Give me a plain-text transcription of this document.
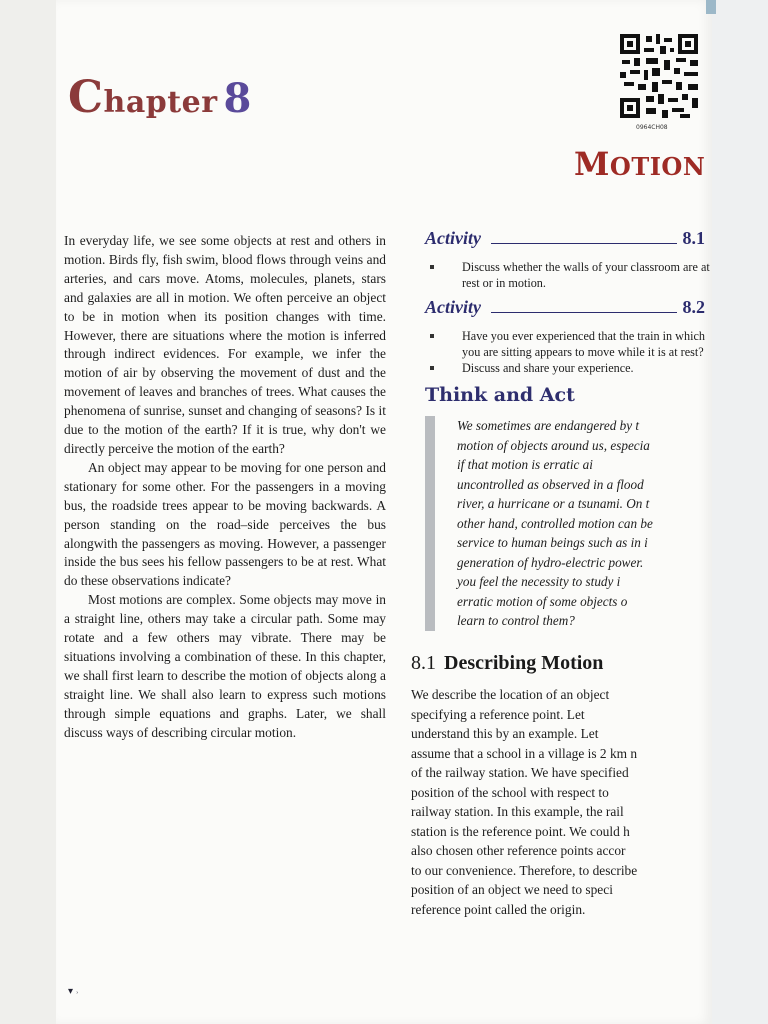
Chapter 8
0964CH08
MOTION

In everyday life, we see some objects at rest and others in motion. Birds fly, fish swim, blood flows through veins and arteries, and cars move. Atoms, molecules, planets, stars and galaxies are all in motion. We often perceive an object to be in motion when its position changes with time. However, there are situations where the motion is inferred through indirect evidences. For example, we infer the motion of air by observing the movement of dust and the movement of leaves and branches of trees. What causes the phenomena of sunrise, sunset and changing of seasons? Is it due to the motion of the earth? If it is true, why don't we directly perceive the motion of the earth?

An object may appear to be moving for one person and stationary for some other. For the passengers in a moving bus, the roadside trees appear to be moving backwards. A person standing on the road–side perceives the bus alongwith the passengers as moving. However, a passenger inside the bus sees his fellow passengers to be at rest. What do these observations indicate?

Most motions are complex. Some objects may move in a straight line, others may take a circular path. Some may rotate and a few others may vibrate. There may be situations involving a combination of these. In this chapter, we shall first learn to describe the motion of objects along a straight line. We shall also learn to express such motions through simple equations and graphs. Later, we shall discuss ways of describing circular motion.

Activity	8.1
Discuss whether the walls of your classroom are at rest or in motion.
Activity	8.2
Have you ever experienced that the train in which you are sitting appears to move while it is at rest?
Discuss and share your experience.
Think and Act
We sometimes are endangered by t
motion of objects around us, especia
if that motion is erratic ai
uncontrolled as observed in a flood
river, a hurricane or a tsunami. On t
other hand, controlled motion can be
service to human beings such as in i
generation of hydro-electric power.
you feel the necessity to study i
erratic motion of some objects o
learn to control them?
8.1 Describing Motion
We describe the location of an object
specifying a reference point. Let
understand this by an example. Let
assume that a school in a village is 2 km n
of the railway station. We have specified
position of the school with respect to
railway station. In this example, the rail
station is the reference point. We could h
also chosen other reference points accor
to our convenience. Therefore, to describe
position of an object we need to speci
reference point called the origin.
▾ ˒
